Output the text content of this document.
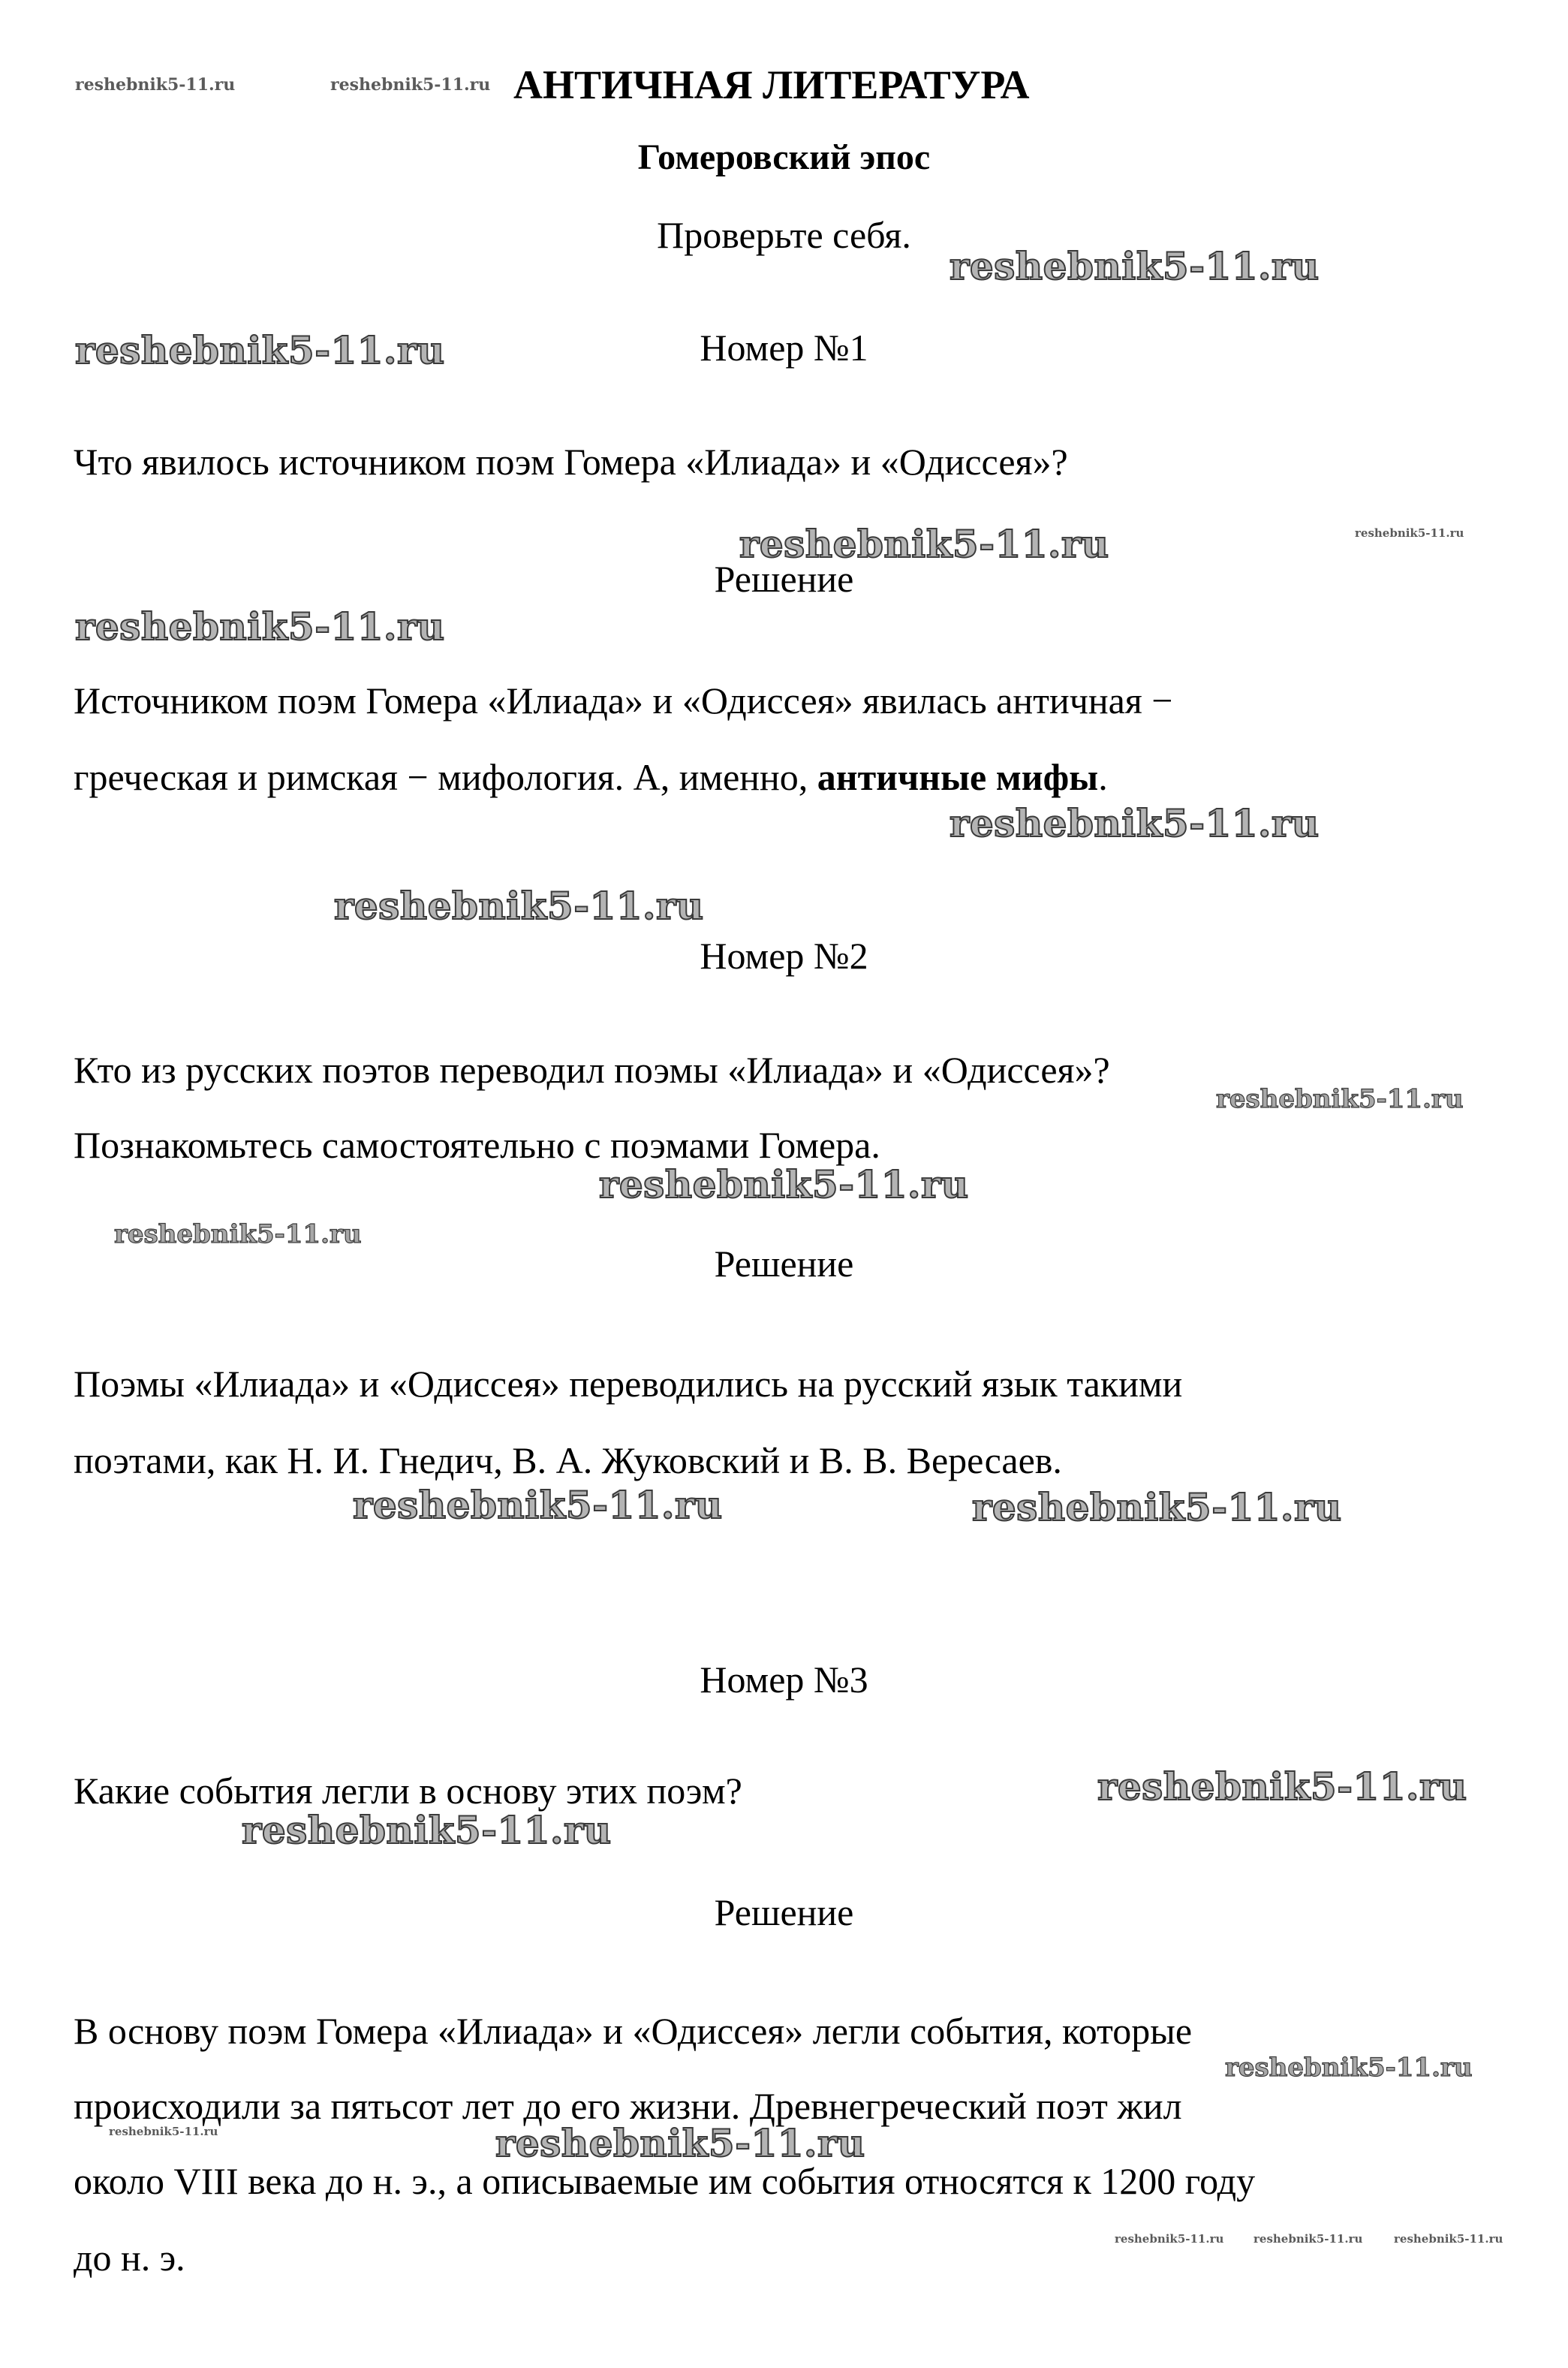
reshebnik5-11.ru	reshebnik5-11.ru АНТИЧНАЯ ЛИТЕРАТУРА
Гомеровский эпос
Проверьте себя.
reshebnik5-11.ru
reshebnik5-11.ru	Номер №1
Что явилось источником поэм Гомера «Илиада» и «Одиссея»?
reshebnik5-11.ru	reshebnik5-11.ru
Решение
reshebnik5-11.ru
Источником поэм Гомера «Илиада» и «Одиссея» явилась античная −
греческая и римская − мифология. А, именно, античные мифы.
reshebnik5-11.ru
reshebnik5-11.ru
Номер №2
Кто из русских поэтов переводил поэмы «Илиада» и «Одиссея»?
reshebnik5-11.ru
Познакомьтесь самостоятельно с поэмами Гомера.
reshebnik5-11.ru
reshebnik5-11.ru
Решение
Поэмы «Илиада» и «Одиссея» переводились на русский язык такими
поэтами, как Н. И. Гнедич, В. А. Жуковский и В. В. Вересаев.
reshebnik5-11.ru	reshebnik5-11.ru
Номер №3
Какие события легли в основу этих поэм?	reshebnik5-11.ru
reshebnik5-11.ru
Решение
В основу поэм Гомера «Илиада» и «Одиссея» легли события, которые
reshebnik5-11.ru
происходили за пятьсот лет до его жизни. Древнегреческий поэт жил
reshebnik5-11.ru	reshebnik5-11.ru
около VIII века до н. э., а описываемые им события относятся к 1200 году
reshebnik5-11.ru	reshebnik5-11.ru	reshebnik5-11.ru
до н. э.
